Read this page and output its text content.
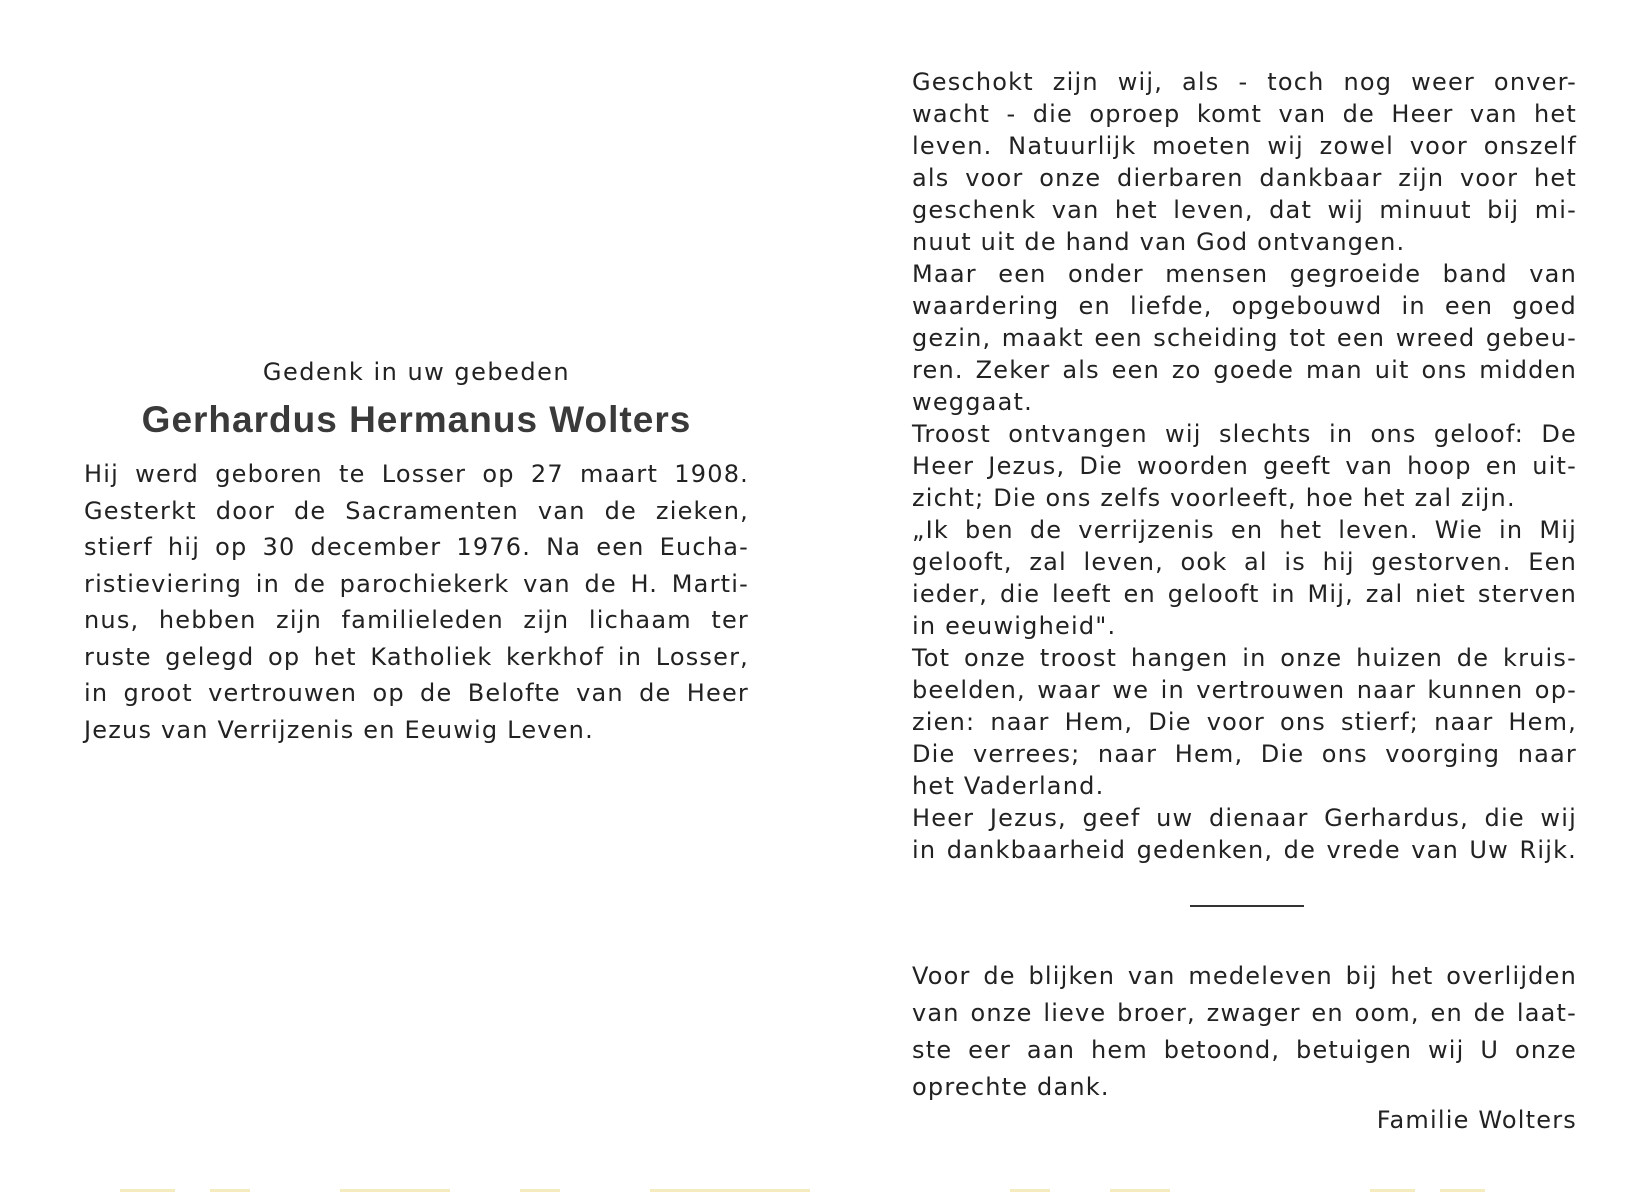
Gedenk in uw gebeden
Gerhardus Hermanus Wolters
Hij werd geboren te Losser op 27 maart 1908.
Gesterkt door de Sacramenten van de zieken,
stierf hij op 30 december 1976. Na een Eucha-
ristieviering in de parochiekerk van de H. Marti-
nus, hebben zijn familieleden zijn lichaam ter
ruste gelegd op het Katholiek kerkhof in Losser,
in groot vertrouwen op de Belofte van de Heer
Jezus van Verrijzenis en Eeuwig Leven.
Geschokt zijn wij, als - toch nog weer onver-
wacht - die oproep komt van de Heer van het
leven. Natuurlijk moeten wij zowel voor onszelf
als voor onze dierbaren dankbaar zijn voor het
geschenk van het leven, dat wij minuut bij mi-
nuut uit de hand van God ontvangen.
Maar een onder mensen gegroeide band van
waardering en liefde, opgebouwd in een goed
gezin, maakt een scheiding tot een wreed gebeu-
ren. Zeker als een zo goede man uit ons midden
weggaat.
Troost ontvangen wij slechts in ons geloof: De
Heer Jezus, Die woorden geeft van hoop en uit-
zicht; Die ons zelfs voorleeft, hoe het zal zijn.
„Ik ben de verrijzenis en het leven. Wie in Mij
gelooft, zal leven, ook al is hij gestorven. Een
ieder, die leeft en gelooft in Mij, zal niet sterven
in eeuwigheid".
Tot onze troost hangen in onze huizen de kruis-
beelden, waar we in vertrouwen naar kunnen op-
zien: naar Hem, Die voor ons stierf; naar Hem,
Die verrees; naar Hem, Die ons voorging naar
het Vaderland.
Heer Jezus, geef uw dienaar Gerhardus, die wij
in dankbaarheid gedenken, de vrede van Uw Rijk.
Voor de blijken van medeleven bij het overlijden
van onze lieve broer, zwager en oom, en de laat-
ste eer aan hem betoond, betuigen wij U onze
oprechte dank.
Familie Wolters
